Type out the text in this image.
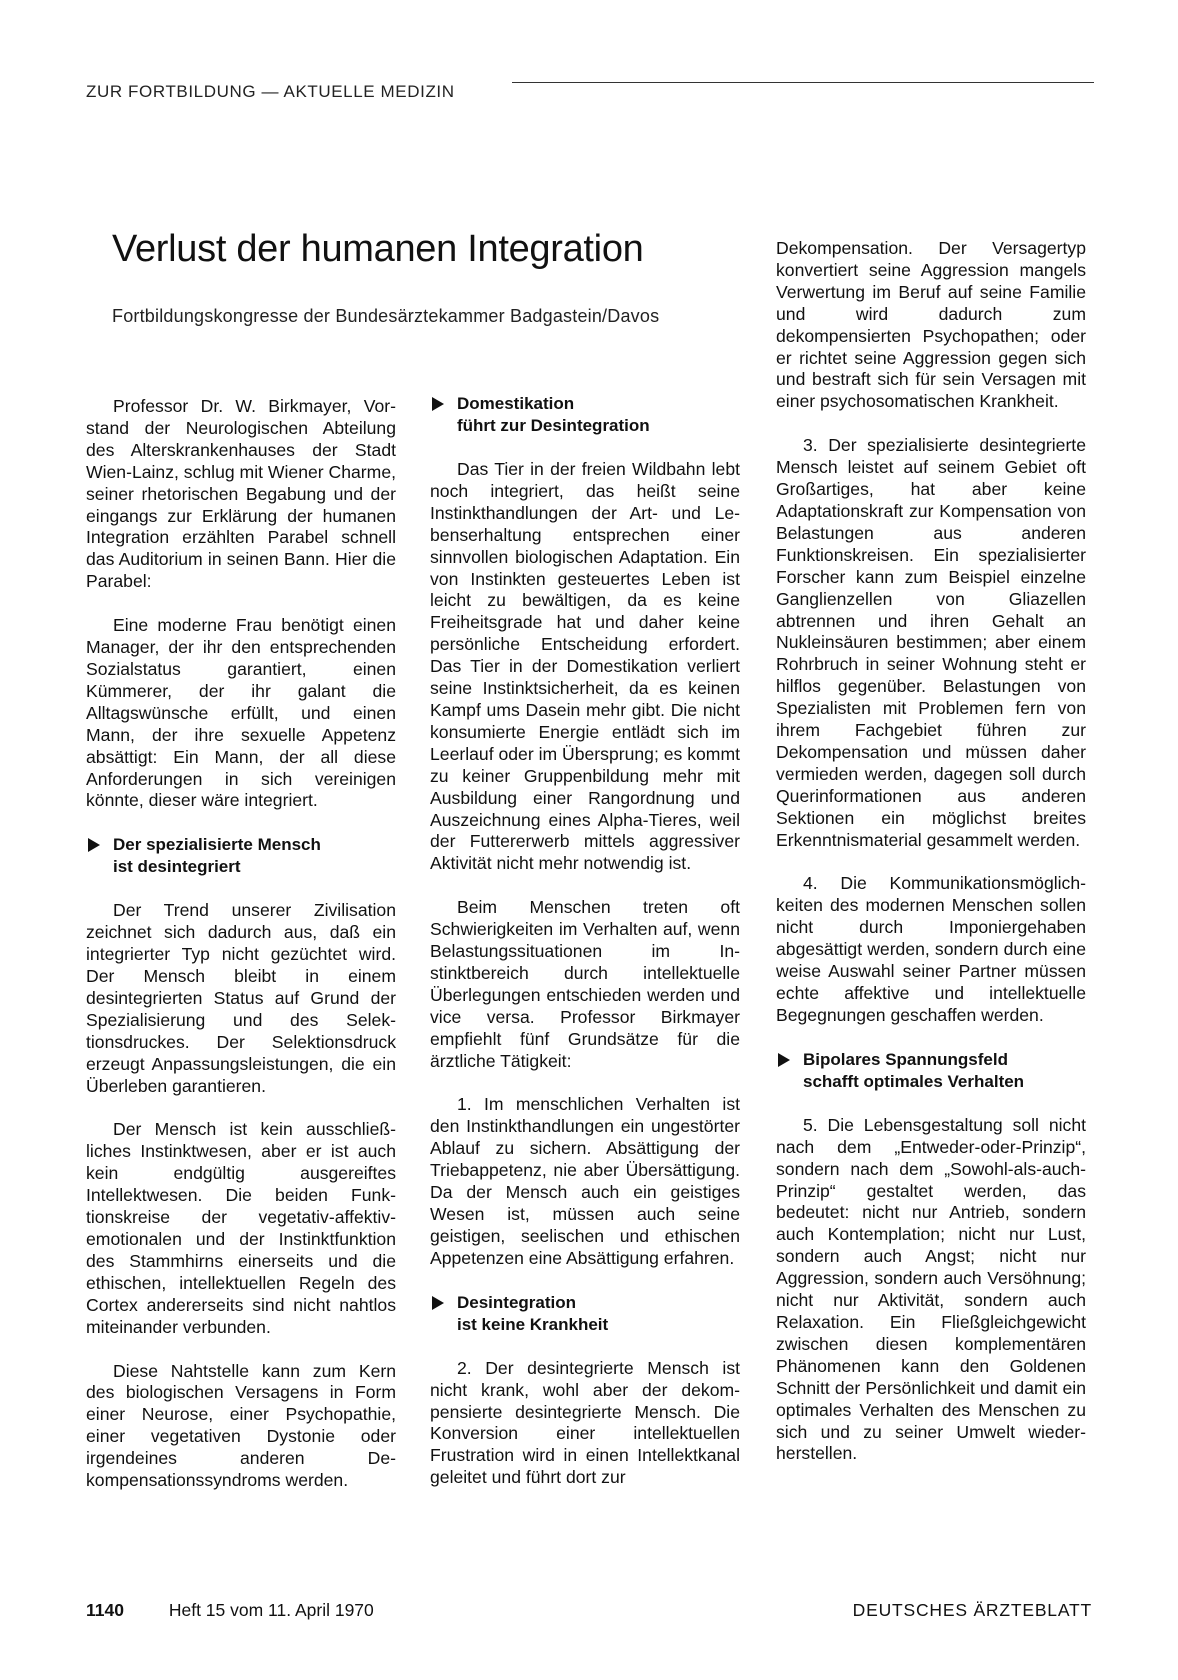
ZUR FORTBILDUNG — AKTUELLE MEDIZIN
Verlust der humanen Integration
Fortbildungskongresse der Bundesärztekammer Badgastein/Davos

Professor Dr. W. Birkmayer, Vorstand der Neurologischen Abteilung des Alterskrankenhauses der Stadt Wien-Lainz, schlug mit Wiener Charme, seiner rhetorischen Begabung und der eingangs zur Erklärung der humanen Integration erzählten Parabel schnell das Auditorium in seinen Bann. Hier die Parabel:

Eine moderne Frau benötigt einen Manager, der ihr den entsprechenden Sozialstatus garantiert, einen Kümmerer, der ihr galant die Alltagswünsche erfüllt, und einen Mann, der ihre sexuelle Appetenz absättigt: Ein Mann, der all diese Anforderungen in sich vereinigen könnte, dieser wäre integriert.

Der spezialisierte Mensch
ist desintegriert

Der Trend unserer Zivilisation zeichnet sich dadurch aus, daß ein integrierter Typ nicht gezüchtet wird. Der Mensch bleibt in einem desintegrierten Status auf Grund der Spezialisierung und des Selektionsdruckes. Der Selektionsdruck erzeugt Anpassungsleistungen, die ein Überleben garantieren.

Der Mensch ist kein ausschließliches Instinktwesen, aber er ist auch kein endgültig ausgereiftes Intellektwesen. Die beiden Funktionskreise der vegetativ-affektiv-emotionalen und der Instinktfunktion des Stammhirns einerseits und die ethischen, intellektuellen Regeln des Cortex andererseits sind nicht nahtlos miteinander verbunden.

Diese Nahtstelle kann zum Kern des biologischen Versagens in Form einer Neurose, einer Psychopathie, einer vegetativen Dystonie oder irgendeines anderen Dekompensationssyndroms werden.

Domestikation
führt zur Desintegration

Das Tier in der freien Wildbahn lebt noch integriert, das heißt seine Instinkthandlungen der Art- und Lebenserhaltung entsprechen einer sinnvollen biologischen Adaptation. Ein von Instinkten gesteuertes Leben ist leicht zu bewältigen, da es keine Freiheitsgrade hat und daher keine persönliche Entscheidung erfordert. Das Tier in der Domestikation verliert seine Instinktsicherheit, da es keinen Kampf ums Dasein mehr gibt. Die nicht konsumierte Energie entlädt sich im Leerlauf oder im Übersprung; es kommt zu keiner Gruppenbildung mehr mit Ausbildung einer Rangordnung und Auszeichnung eines Alpha-Tieres, weil der Futtererwerb mittels aggressiver Aktivität nicht mehr notwendig ist.

Beim Menschen treten oft Schwierigkeiten im Verhalten auf, wenn Belastungssituationen im Instinktbereich durch intellektuelle Überlegungen entschieden werden und vice versa. Professor Birkmayer empfiehlt fünf Grundsätze für die ärztliche Tätigkeit:

1. Im menschlichen Verhalten ist den Instinkthandlungen ein ungestörter Ablauf zu sichern. Absättigung der Triebappetenz, nie aber Übersättigung. Da der Mensch auch ein geistiges Wesen ist, müssen auch seine geistigen, seelischen und ethischen Appetenzen eine Absättigung erfahren.

Desintegration
ist keine Krankheit

2. Der desintegrierte Mensch ist nicht krank, wohl aber der dekompensierte desintegrierte Mensch. Die Konversion einer intellektuellen Frustration wird in einen Intellektkanal geleitet und führt dort zur

Dekompensation. Der Versagertyp konvertiert seine Aggression mangels Verwertung im Beruf auf seine Familie und wird dadurch zum dekompensierten Psychopathen; oder er richtet seine Aggression gegen sich und bestraft sich für sein Versagen mit einer psychosomatischen Krankheit.

3. Der spezialisierte desintegrierte Mensch leistet auf seinem Gebiet oft Großartiges, hat aber keine Adaptationskraft zur Kompensation von Belastungen aus anderen Funktionskreisen. Ein spezialisierter Forscher kann zum Beispiel einzelne Ganglienzellen von Gliazellen abtrennen und ihren Gehalt an Nukleinsäuren bestimmen; aber einem Rohrbruch in seiner Wohnung steht er hilflos gegenüber. Belastungen von Spezialisten mit Problemen fern von ihrem Fachgebiet führen zur Dekompensation und müssen daher vermieden werden, dagegen soll durch Querinformationen aus anderen Sektionen ein möglichst breites Erkenntnismaterial gesammelt werden.

4. Die Kommunikationsmöglichkeiten des modernen Menschen sollen nicht durch Imponiergehaben abgesättigt werden, sondern durch eine weise Auswahl seiner Partner müssen echte affektive und intellektuelle Begegnungen geschaffen werden.

Bipolares Spannungsfeld
schafft optimales Verhalten

5. Die Lebensgestaltung soll nicht nach dem „Entweder-oder-Prinzip“, sondern nach dem „Sowohl-als-auch-Prinzip“ gestaltet werden, das bedeutet: nicht nur Antrieb, sondern auch Kontemplation; nicht nur Lust, sondern auch Angst; nicht nur Aggression, sondern auch Versöhnung; nicht nur Aktivität, sondern auch Relaxation. Ein Fließgleichgewicht zwischen diesen komplementären Phänomenen kann den Goldenen Schnitt der Persönlichkeit und damit ein optimales Verhalten des Menschen zu sich und zu seiner Umwelt wiederherstellen.

1140	Heft 15 vom 11. April 1970	DEUTSCHES ÄRZTEBLATT
